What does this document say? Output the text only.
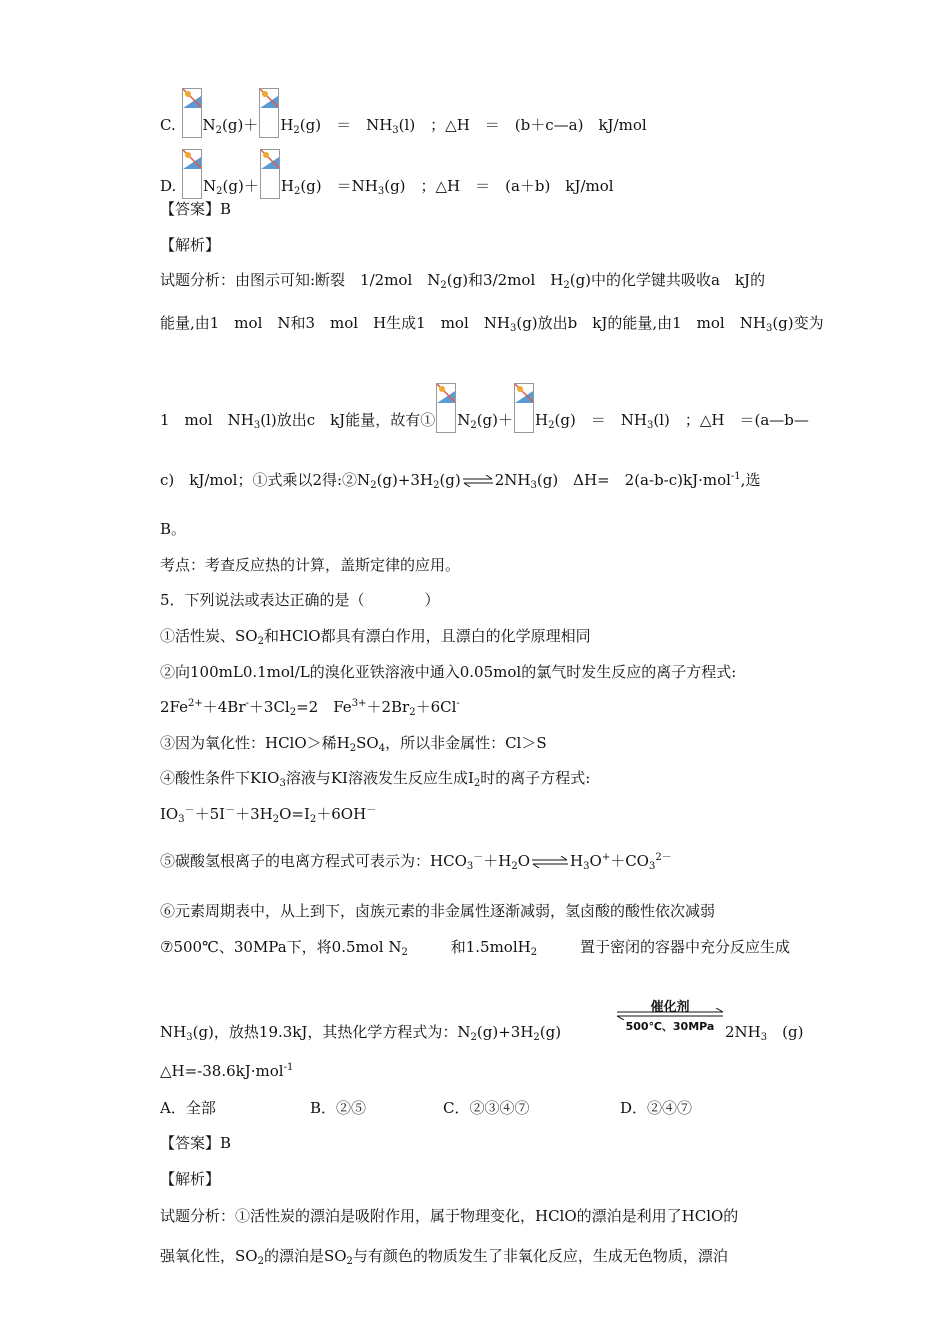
C. $N_2(g)+ H_2(g)$　＝　$NH_3(l)$　；△H　＝　(b＋c—a)　kJ/mol
D. $N_2(g)+ H_2(g)$　$=NH_3(g)$　；△H　＝　(a＋b)　kJ/mol
【答案】B
【解析】
试题分析：由图示可知:断裂　1/2mol　$N_2(g)$和3/2mol　$H_2(g)$中的化学键共吸收a　kJ的
能量,由1　mol　N和3　mol　H生成1　mol　$NH_3(g)$放出b　kJ的能量,由1　mol　$NH_3(g)$变为
1　mol　$NH_3(l)$放出c　kJ能量，故有① $N_2(g)+ H_2(g)$　＝　$NH_3(l)$　；△H　＝(a—b—
c)　kJ/mol；①式乘以2得$:②N_2(g)+3H_2(g)$ ⇌ $2NH_3(g)$　ΔH=　2(a-b-c)kJ·mol$^{-1}$,选
B。
考点：考查反应热的计算，盖斯定律的应用。
5．下列说法或表达正确的是（　　　　）
①活性炭、$SO_2$和HClO都具有漂白作用，且漂白的化学原理相同
②向100mL0.1mol/L的溴化亚铁溶液中通入0.05mol的氯气时发生反应的离子方程式:
$2Fe^{2+}+4Br^-+3Cl_2=2$　$Fe^{3+}+2Br_2+6Cl^-$
③因为氧化性：HClO＞稀$H_2SO_4$，所以非金属性：Cl＞S
④酸性条件下$KIO_3$溶液与KI溶液发生反应生成$I_2$时的离子方程式:
$IO_3^-+5I^-+3H_2O=I_2+6OH^-$
⑤碳酸氢根离子的电离方程式可表示为：$HCO_3^-+H_2O$ ⇌ $H_3O^++CO_3^{2-}$
⑥元素周期表中，从上到下，卤族元素的非金属性逐渐减弱，氢卤酸的酸性依次减弱
⑦500℃、30MPa下，将0.5mol $N_2$	和1.5molH$_2$	置于密闭的容器中充分反应生成
$NH_3(g)$，放热19.3kJ，其热化学方程式为：$N_2(g)+3H_2(g)$
催化剂
500℃、30MPa $2NH_3$　(g)
△H=-38.6kJ·mol$^{-1}$
A．全部	B．②⑤	C．②③④⑦	D．②④⑦
【答案】B
【解析】
试题分析：①活性炭的漂泊是吸附作用，属于物理变化，HClO的漂泊是利用了HClO的
强氧化性，$SO_2$的漂泊是$SO_2$与有颜色的物质发生了非氧化反应，生成无色物质，漂泊
